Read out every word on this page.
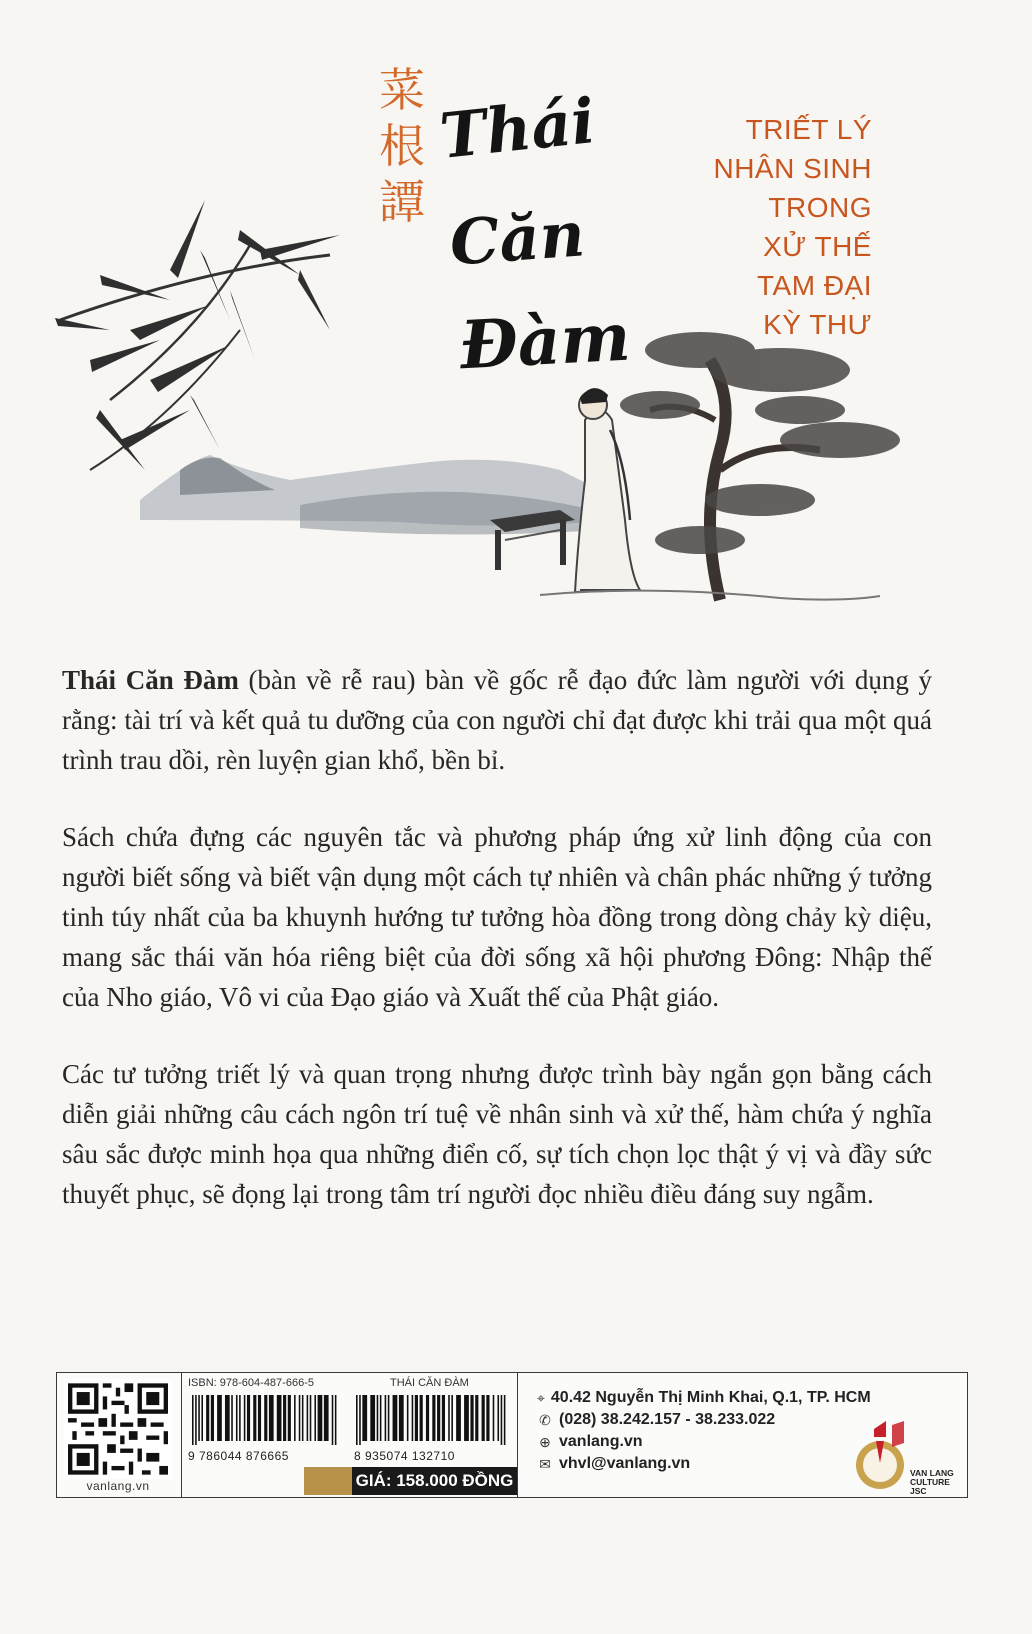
菜
根
譚
Thái
Căn
Đàm
TRIẾT LÝ
NHÂN SINH
TRONG
XỬ THẾ
TAM ĐẠI
KỲ THƯ

Thái Căn Đàm (bàn về rễ rau) bàn về gốc rễ đạo đức làm người với dụng ý rằng: tài trí và kết quả tu dưỡng của con người chỉ đạt được khi trải qua một quá trình trau dồi, rèn luyện gian khổ, bền bỉ.

Sách chứa đựng các nguyên tắc và phương pháp ứng xử linh động của con người biết sống và biết vận dụng một cách tự nhiên và chân phác những ý tưởng tinh túy nhất của ba khuynh hướng tư tưởng hòa đồng trong dòng chảy kỳ diệu, mang sắc thái văn hóa riêng biệt của đời sống xã hội phương Đông: Nhập thế của Nho giáo, Vô vi của Đạo giáo và Xuất thế của Phật giáo.

Các tư tưởng triết lý và quan trọng nhưng được trình bày ngắn gọn bằng cách diễn giải những câu cách ngôn trí tuệ về nhân sinh và xử thế, hàm chứa ý nghĩa sâu sắc được minh họa qua những điển cố, sự tích chọn lọc thật ý vị và đầy sức thuyết phục, sẽ đọng lại trong tâm trí người đọc nhiều điều đáng suy ngẫm.

vanlang.vn
ISBN: 978-604-487-666-5	THÁI CĂN ĐÀM
9 786044 876665	8 935074 132710
GIÁ: 158.000 ĐỒNG
⌖ 40.42 Nguyễn Thị Minh Khai, Q.1, TP. HCM
✆ (028) 38.242.157 - 38.233.022
⊕ vanlang.vn
✉ vhvl@vanlang.vn
VAN LANG CULTURE JSC
